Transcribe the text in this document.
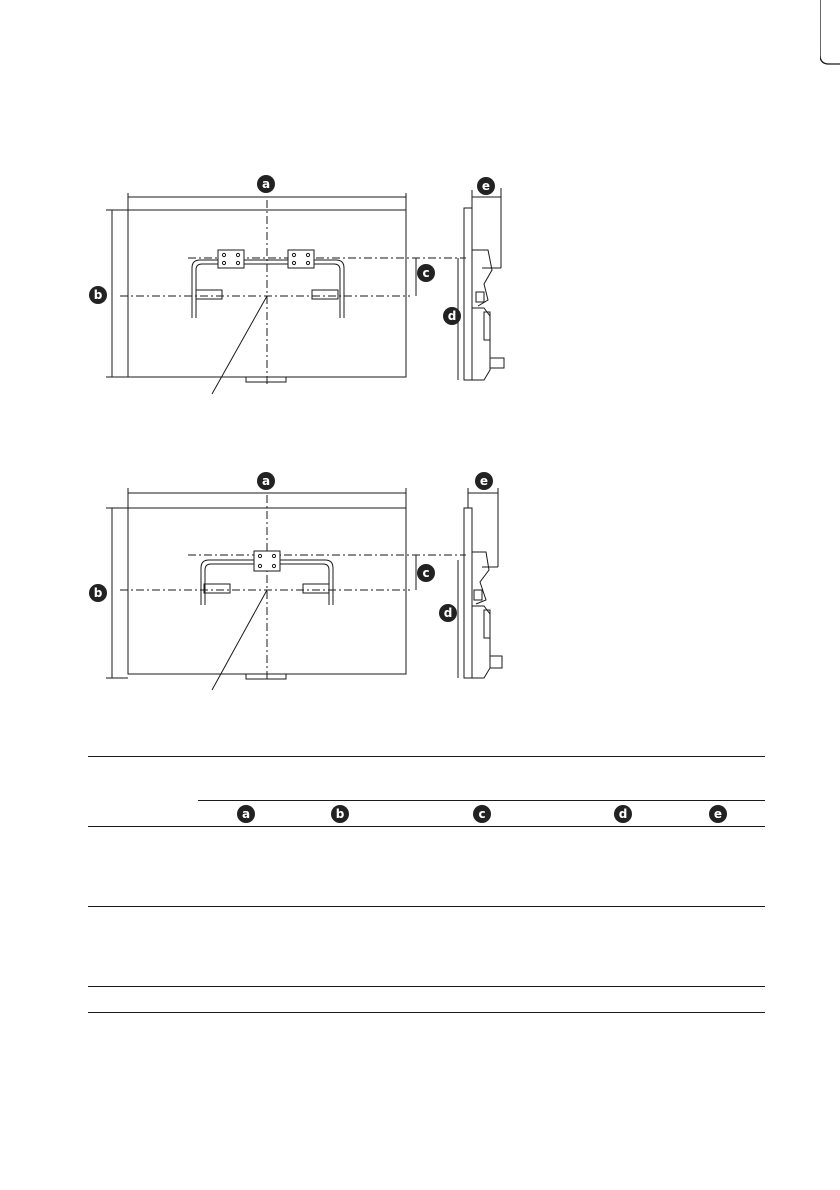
a
b
c
d
e
a
b
c
d
e
a	b	c	d	e
